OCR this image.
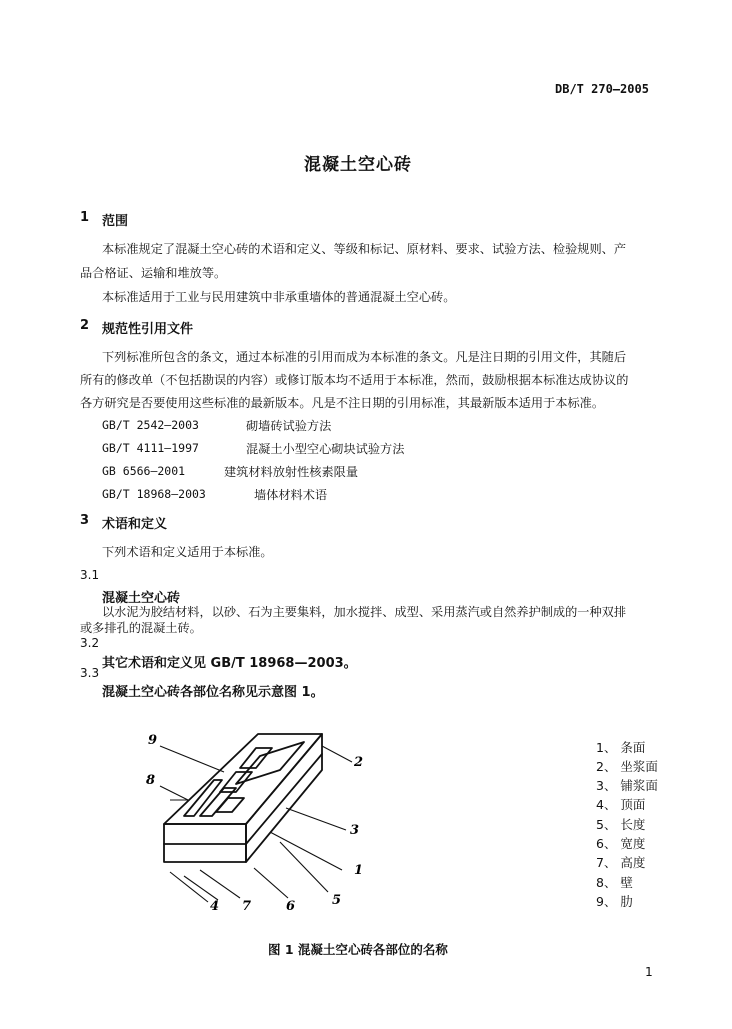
DB/T 270—2005
混凝土空心砖
1 范围
本标准规定了混凝土空心砖的术语和定义、等级和标记、原材料、要求、试验方法、检验规则、产
品合格证、运输和堆放等。
本标准适用于工业与民用建筑中非承重墙体的普通混凝土空心砖。
2 规范性引用文件
下列标准所包含的条文，通过本标准的引用而成为本标准的条文。凡是注日期的引用文件，其随后
所有的修改单（不包括勘误的内容）或修订版本均不适用于本标准，然而，鼓励根据本标准达成协议的
各方研究是否要使用这些标准的最新版本。凡是不注日期的引用标准，其最新版本适用于本标准。
GB/T 2542—2003	砌墙砖试验方法
GB/T 4111—1997	混凝土小型空心砌块试验方法
GB 6566—2001	建筑材料放射性核素限量
GB/T 18968—2003	墙体材料术语
3 术语和定义
下列术语和定义适用于本标准。
3.1
混凝土空心砖
以水泥为胶结材料，以砂、石为主要集料，加水搅拌、成型、采用蒸汽或自然养护制成的一种双排
或多排孔的混凝土砖。
3.2
其它术语和定义见 GB/T 18968—2003。
3.3
混凝土空心砖各部位名称见示意图 1。
9
8
2
3
1
5
6
7
4
1、 条面
2、 坐浆面
3、 铺浆面
4、 顶面
5、 长度
6、 宽度
7、 高度
8、 壁
9、 肋
图 1 混凝土空心砖各部位的名称
1
